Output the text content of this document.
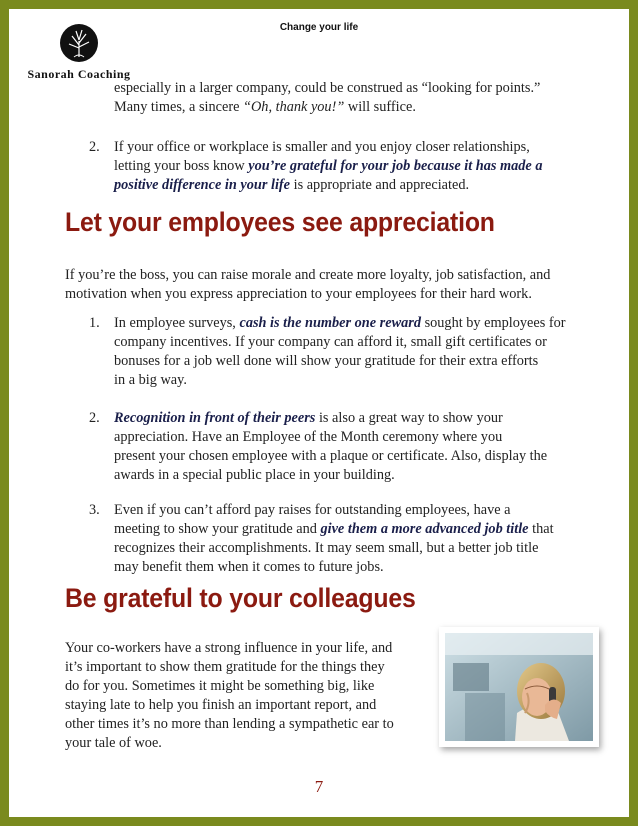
Change your life
Sanorah Coaching

especially in a larger company, could be construed as “looking for points.”
Many times, a sincere “Oh, thank you!” will suffice.

2. If your office or workplace is smaller and you enjoy closer relationships,
letting your boss know you’re grateful for your job because it has made a
positive difference in your life is appropriate and appreciated.

Let your employees see appreciation

If you’re the boss, you can raise morale and create more loyalty, job satisfaction, and
motivation when you express appreciation to your employees for their hard work.

1. In employee surveys, cash is the number one reward sought by employees for
company incentives. If your company can afford it, small gift certificates or
bonuses for a job well done will show your gratitude for their extra efforts
in a big way.

2. Recognition in front of their peers is also a great way to show your
appreciation. Have an Employee of the Month ceremony where you
present your chosen employee with a plaque or certificate. Also, display the
awards in a special public place in your building.

3. Even if you can’t afford pay raises for outstanding employees, have a
meeting to show your gratitude and give them a more advanced job title that
recognizes their accomplishments. It may seem small, but a better job title
may benefit them when it comes to future jobs.

Be grateful to your colleagues

Your co-workers have a strong influence in your life, and
it’s important to show them gratitude for the things they
do for you. Sometimes it might be something big, like
staying late to help you finish an important report, and
other times it’s no more than lending a sympathetic ear to
your tale of woe.

7
